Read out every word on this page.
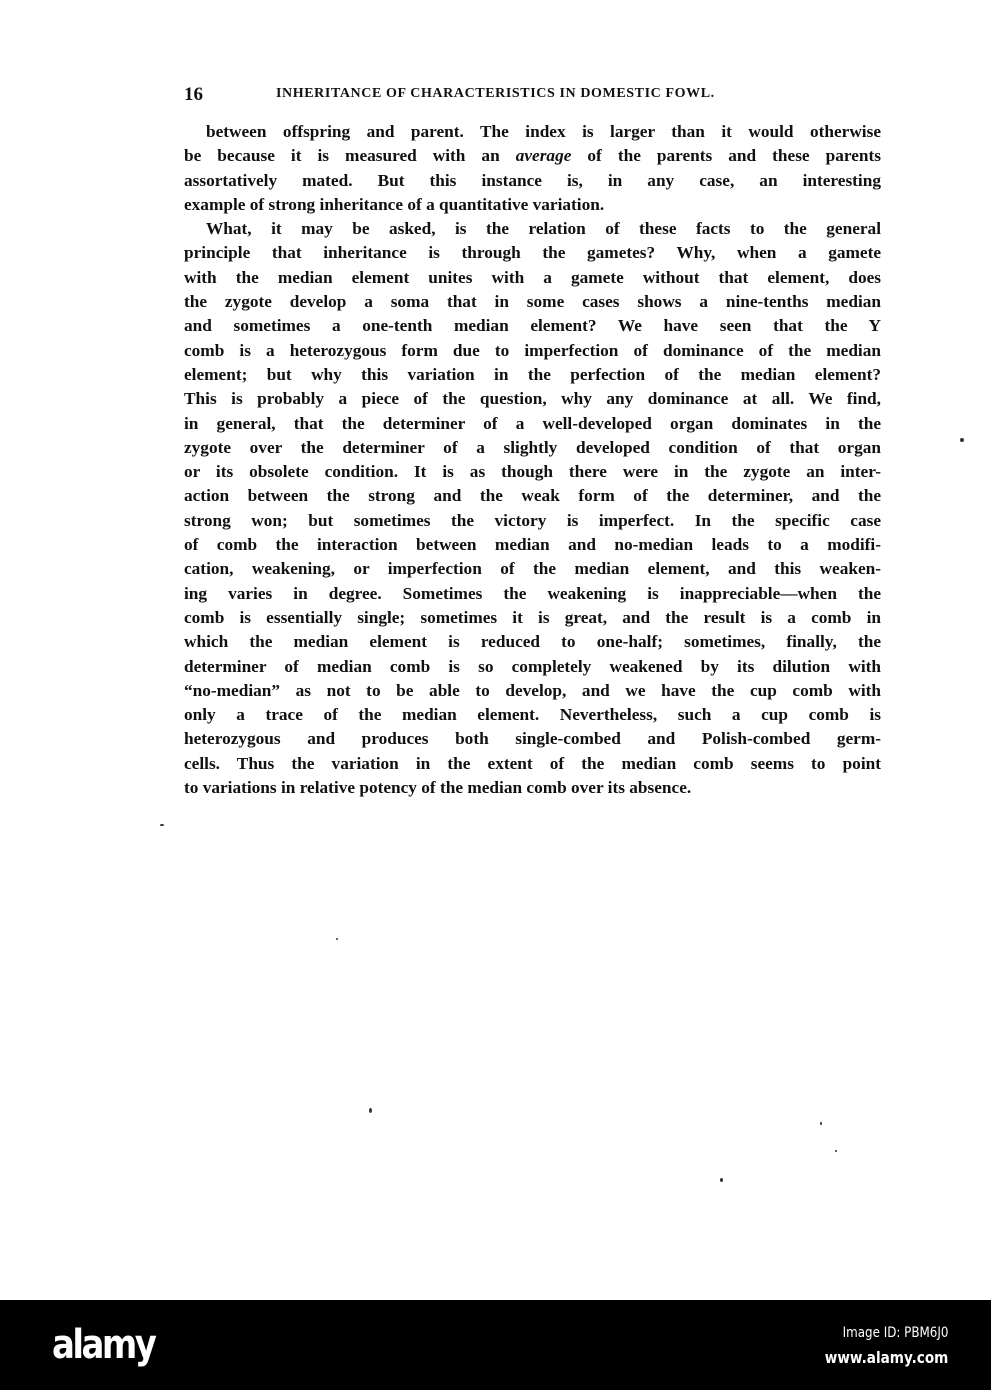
16	INHERITANCE OF CHARACTERISTICS IN DOMESTIC FOWL.
between offspring and parent. The index is larger than it would otherwise
be because it is measured with an average of the parents and these parents
assortatively mated. But this instance is, in any case, an interesting
example of strong inheritance of a quantitative variation.
What, it may be asked, is the relation of these facts to the general
principle that inheritance is through the gametes? Why, when a gamete
with the median element unites with a gamete without that element, does
the zygote develop a soma that in some cases shows a nine-tenths median
and sometimes a one-tenth median element? We have seen that the Y
comb is a heterozygous form due to imperfection of dominance of the median
element; but why this variation in the perfection of the median element?
This is probably a piece of the question, why any dominance at all. We find,
in general, that the determiner of a well-developed organ dominates in the
zygote over the determiner of a slightly developed condition of that organ
or its obsolete condition. It is as though there were in the zygote an inter-
action between the strong and the weak form of the determiner, and the
strong won; but sometimes the victory is imperfect. In the specific case
of comb the interaction between median and no-median leads to a modifi-
cation, weakening, or imperfection of the median element, and this weaken-
ing varies in degree. Sometimes the weakening is inappreciable—when the
comb is essentially single; sometimes it is great, and the result is a comb in
which the median element is reduced to one-half; sometimes, finally, the
determiner of median comb is so completely weakened by its dilution with
“no-median” as not to be able to develop, and we have the cup comb with
only a trace of the median element. Nevertheless, such a cup comb is
heterozygous and produces both single-combed and Polish-combed germ-
cells. Thus the variation in the extent of the median comb seems to point
to variations in relative potency of the median comb over its absence.
alamy	Image ID: PBM6J0
www.alamy.com
